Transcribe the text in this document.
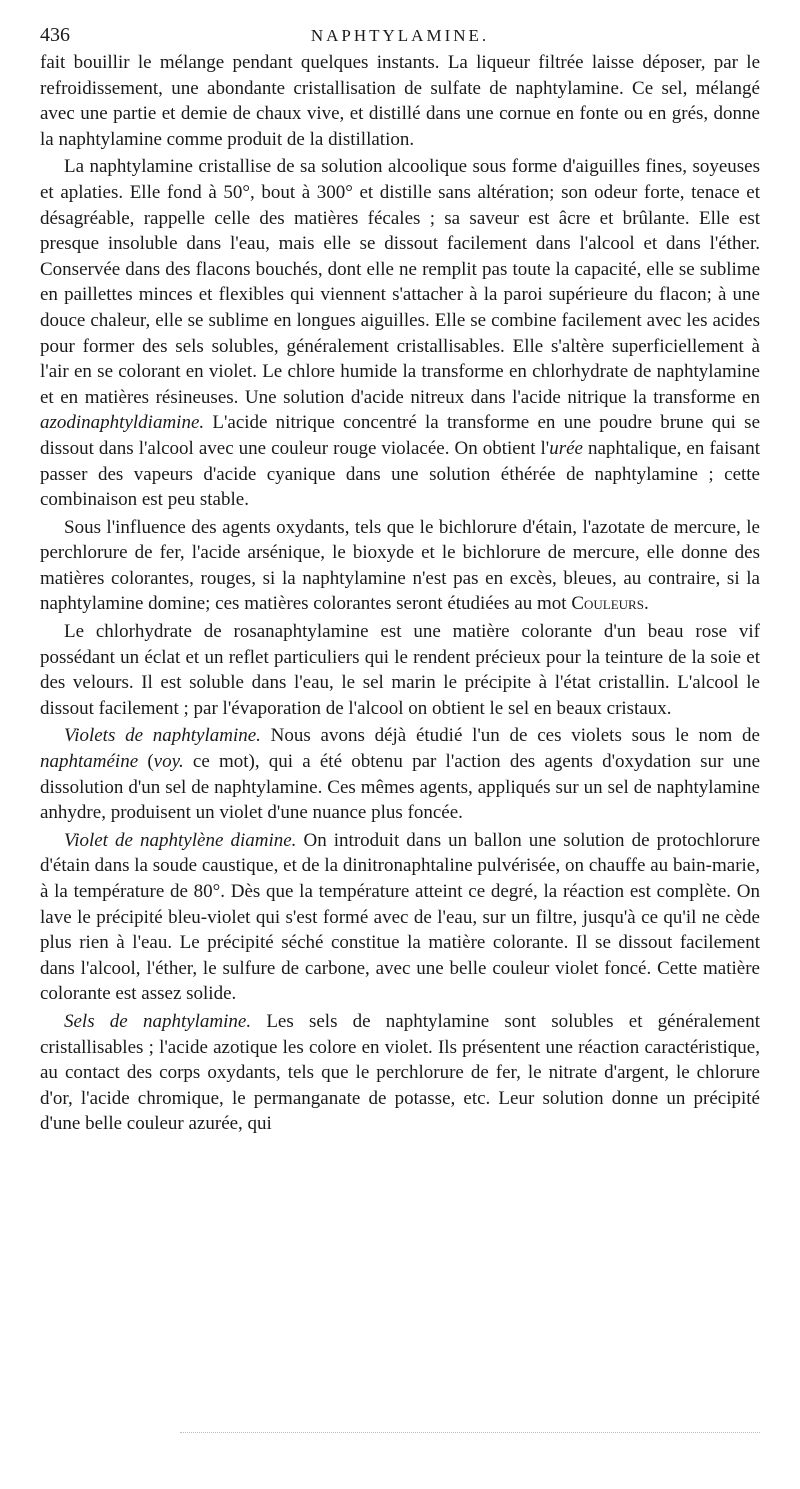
436	NAPHTYLAMINE.

fait bouillir le mélange pendant quelques instants. La liqueur filtrée laisse déposer, par le refroidissement, une abondante cristallisation de sulfate de naphtylamine. Ce sel, mélangé avec une partie et demie de chaux vive, et distillé dans une cornue en fonte ou en grés, donne la naphtylamine comme produit de la distillation.

La naphtylamine cristallise de sa solution alcoolique sous forme d'aiguilles fines, soyeuses et aplaties. Elle fond à 50°, bout à 300° et distille sans altération; son odeur forte, tenace et désagréable, rappelle celle des matières fécales ; sa saveur est âcre et brûlante. Elle est presque insoluble dans l'eau, mais elle se dissout facilement dans l'alcool et dans l'éther. Conservée dans des flacons bouchés, dont elle ne remplit pas toute la capacité, elle se sublime en paillettes minces et flexibles qui viennent s'attacher à la paroi supérieure du flacon; à une douce chaleur, elle se sublime en longues aiguilles. Elle se combine facilement avec les acides pour former des sels solubles, généralement cristallisables. Elle s'altère superficiellement à l'air en se colorant en violet. Le chlore humide la transforme en chlorhydrate de naphtylamine et en matières résineuses. Une solution d'acide nitreux dans l'acide nitrique la transforme en azodinaphtyldiamine. L'acide nitrique concentré la transforme en une poudre brune qui se dissout dans l'alcool avec une couleur rouge violacée. On obtient l'urée naphtalique, en faisant passer des vapeurs d'acide cyanique dans une solution éthérée de naphtylamine ; cette combinaison est peu stable.

Sous l'influence des agents oxydants, tels que le bichlorure d'étain, l'azotate de mercure, le perchlorure de fer, l'acide arsénique, le bioxyde et le bichlorure de mercure, elle donne des matières colorantes, rouges, si la naphtylamine n'est pas en excès, bleues, au contraire, si la naphtylamine domine; ces matières colorantes seront étudiées au mot Couleurs.

Le chlorhydrate de rosanaphtylamine est une matière colorante d'un beau rose vif possédant un éclat et un reflet particuliers qui le rendent précieux pour la teinture de la soie et des velours. Il est soluble dans l'eau, le sel marin le précipite à l'état cristallin. L'alcool le dissout facilement ; par l'évaporation de l'alcool on obtient le sel en beaux cristaux.

Violets de naphtylamine. Nous avons déjà étudié l'un de ces violets sous le nom de naphtaméine (voy. ce mot), qui a été obtenu par l'action des agents d'oxydation sur une dissolution d'un sel de naphtylamine. Ces mêmes agents, appliqués sur un sel de naphtylamine anhydre, produisent un violet d'une nuance plus foncée.

Violet de naphtylène diamine. On introduit dans un ballon une solution de protochlorure d'étain dans la soude caustique, et de la dinitronaphtaline pulvérisée, on chauffe au bain-marie, à la température de 80°. Dès que la température atteint ce degré, la réaction est complète. On lave le précipité bleu-violet qui s'est formé avec de l'eau, sur un filtre, jusqu'à ce qu'il ne cède plus rien à l'eau. Le précipité séché constitue la matière colorante. Il se dissout facilement dans l'alcool, l'éther, le sulfure de carbone, avec une belle couleur violet foncé. Cette matière colorante est assez solide.

Sels de naphtylamine. Les sels de naphtylamine sont solubles et généralement cristallisables ; l'acide azotique les colore en violet. Ils présentent une réaction caractéristique, au contact des corps oxydants, tels que le perchlorure de fer, le nitrate d'argent, le chlorure d'or, l'acide chromique, le permanganate de potasse, etc. Leur solution donne un précipité d'une belle couleur azurée, qui
